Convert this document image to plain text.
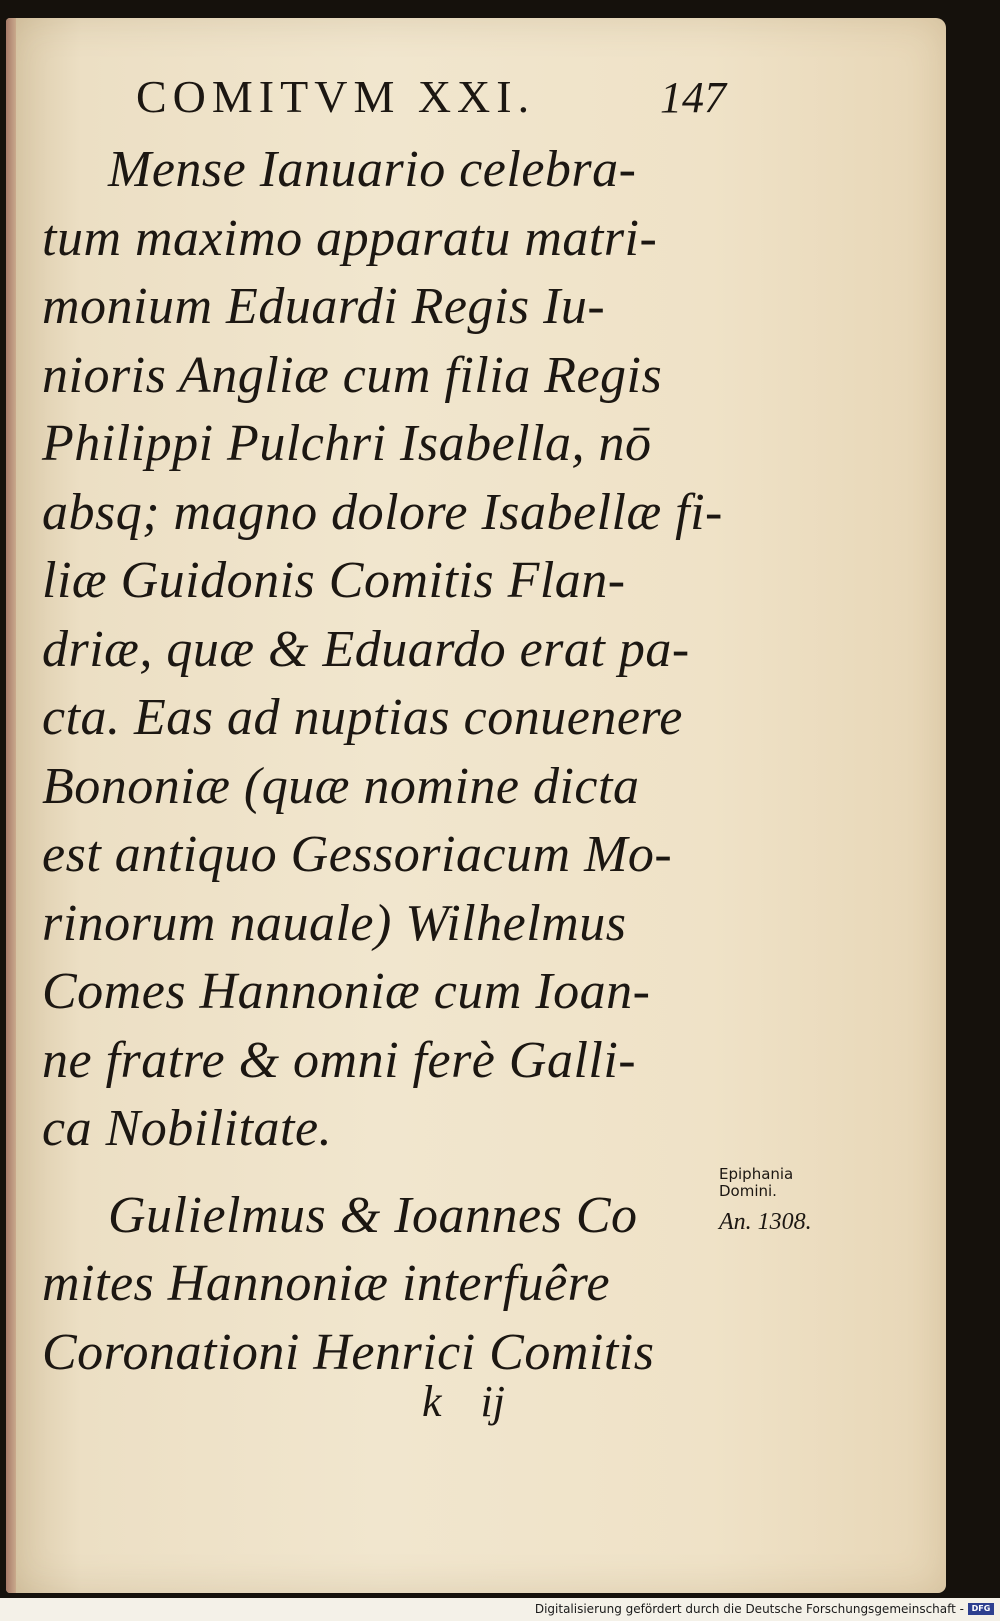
COMITVM XXI.	147
Mense Ianuario celebra-
tum maximo apparatu matri-
monium Eduardi Regis Iu-
nioris Angliæ cum filia Regis
Philippi Pulchri Isabella, nō
absq; magno dolore Isabellæ fi-
liæ Guidonis Comitis Flan-
driæ, quæ & Eduardo erat pa-
cta. Eas ad nuptias conuenere
Bononiæ (quæ nomine dicta
est antiquo Gessoriacum Mo-
rinorum nauale) Wilhelmus
Comes Hannoniæ cum Ioan-
ne fratre & omni ferè Galli-
ca Nobilitate.
Gulielmus & Ioannes Co
mites Hannoniæ interfuêre
Coronationi Henrici Comitis
Epiphania
Domini.
An. 1308.
k ij
Digitalisierung gefördert durch die Deutsche Forschungsgemeinschaft - DFG
